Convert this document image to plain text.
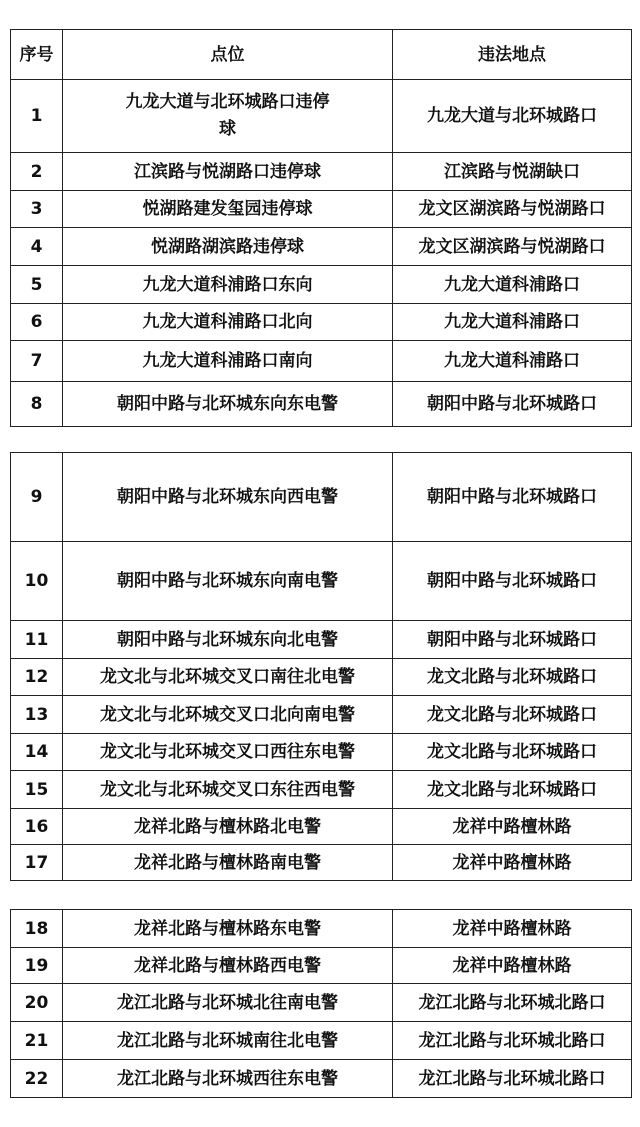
序号	点位	违法地点
1	九龙大道与北环城路口违停球	九龙大道与北环城路口
2	江滨路与悦湖路口违停球	江滨路与悦湖缺口
3	悦湖路建发玺园违停球	龙文区湖滨路与悦湖路口
4	悦湖路湖滨路违停球	龙文区湖滨路与悦湖路口
5	九龙大道科浦路口东向	九龙大道科浦路口
6	九龙大道科浦路口北向	九龙大道科浦路口
7	九龙大道科浦路口南向	九龙大道科浦路口
8	朝阳中路与北环城东向东电警	朝阳中路与北环城路口
9	朝阳中路与北环城东向西电警	朝阳中路与北环城路口
10	朝阳中路与北环城东向南电警	朝阳中路与北环城路口
11	朝阳中路与北环城东向北电警	朝阳中路与北环城路口
12	龙文北与北环城交叉口南往北电警	龙文北路与北环城路口
13	龙文北与北环城交叉口北向南电警	龙文北路与北环城路口
14	龙文北与北环城交叉口西往东电警	龙文北路与北环城路口
15	龙文北与北环城交叉口东往西电警	龙文北路与北环城路口
16	龙祥北路与檀林路北电警	龙祥中路檀林路
17	龙祥北路与檀林路南电警	龙祥中路檀林路
18	龙祥北路与檀林路东电警	龙祥中路檀林路
19	龙祥北路与檀林路西电警	龙祥中路檀林路
20	龙江北路与北环城北往南电警	龙江北路与北环城北路口
21	龙江北路与北环城南往北电警	龙江北路与北环城北路口
22	龙江北路与北环城西往东电警	龙江北路与北环城北路口
